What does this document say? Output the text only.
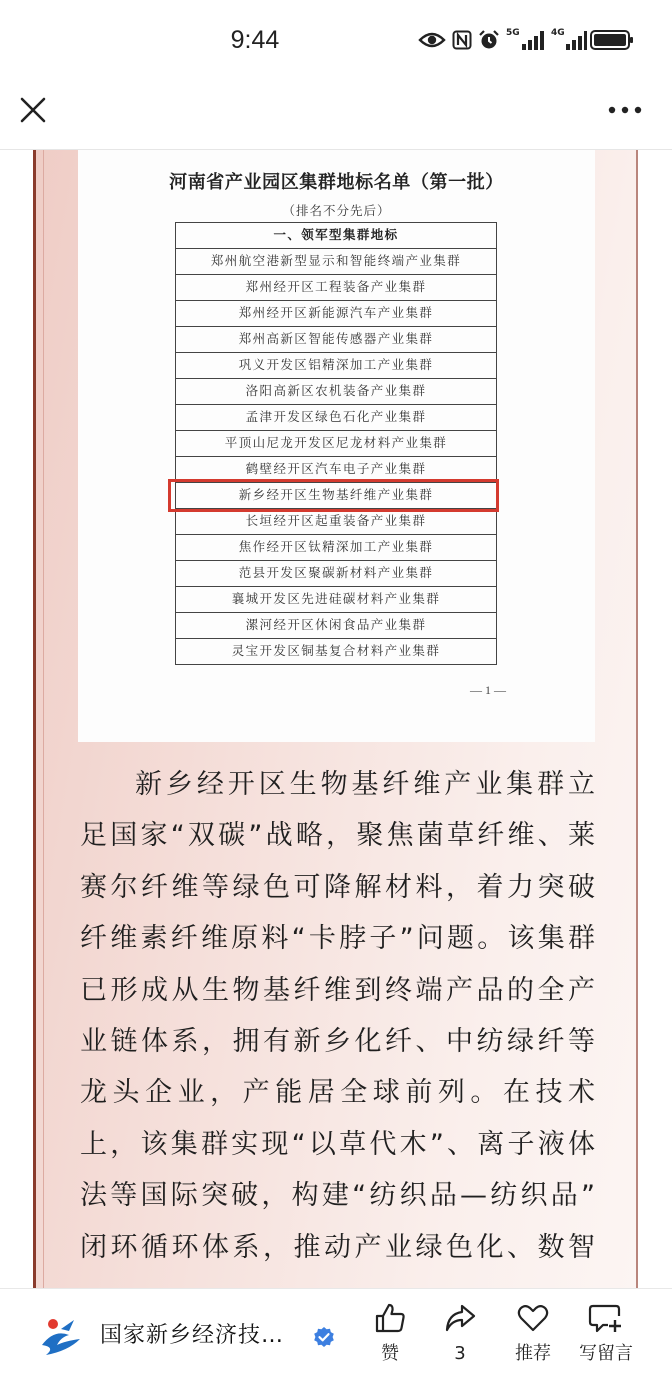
9:44	5G	4G
河南省产业园区集群地标名单（第一批）
（排名不分先后）
一、领军型集群地标
郑州航空港新型显示和智能终端产业集群
郑州经开区工程装备产业集群
郑州经开区新能源汽车产业集群
郑州高新区智能传感器产业集群
巩义开发区铝精深加工产业集群
洛阳高新区农机装备产业集群
孟津开发区绿色石化产业集群
平顶山尼龙开发区尼龙材料产业集群
鹤壁经开区汽车电子产业集群
新乡经开区生物基纤维产业集群
长垣经开区起重装备产业集群
焦作经开区钛精深加工产业集群
范县开发区聚碳新材料产业集群
襄城开发区先进硅碳材料产业集群
漯河经开区休闲食品产业集群
灵宝开发区铜基复合材料产业集群
— 1 —
新乡经开区生物基纤维产业集群立
足国家“双碳”战略，聚焦菌草纤维、莱
赛尔纤维等绿色可降解材料，着力突破
纤维素纤维原料“卡脖子”问题。该集群
已形成从生物基纤维到终端产品的全产
业链体系，拥有新乡化纤、中纺绿纤等
龙头企业，产能居全球前列。在技术
上，该集群实现“以草代木”、离子液体
法等国际突破，构建“纺织品—纺织品”
闭环循环体系，推动产业绿色化、数智
国家新乡经济技…
赞	3	推荐	写留言
